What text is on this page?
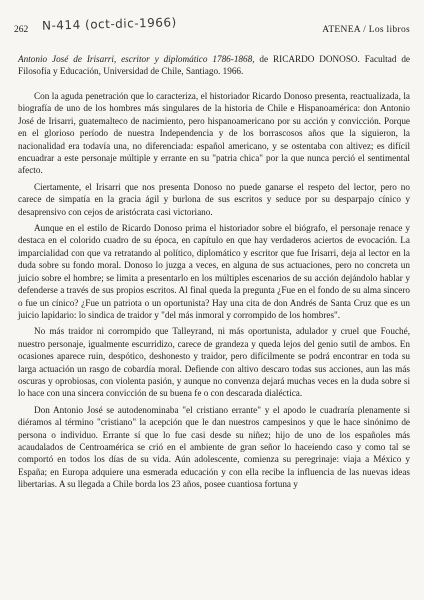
262 N-414 (oct-dic-1966)	ATENEA / Los libros
Antonio José de Irisarri, escritor y diplomático 1786-1868, de RICARDO DONOSO. Facultad de Filosofía y Educación, Universidad de Chile, Santiago. 1966.

Con la aguda penetración que lo caracteriza, el historiador Ricardo Donoso presenta, reactualizada, la biografía de uno de los hombres más singulares de la historia de Chile e Hispanoamérica: don Antonio José de Irisarri, guatemalteco de nacimiento, pero hispanoamericano por su acción y convicción. Porque en el glorioso período de nuestra Independencia y de los borrascosos años que la siguieron, la nacionalidad era todavía una, no diferenciada: español americano, y se ostentaba con altivez; es difícil encuadrar a este personaje múltiple y errante en su "patria chica" por la que nunca perció el sentimental afecto.

Ciertamente, el Irisarri que nos presenta Donoso no puede ganarse el respeto del lector, pero no carece de simpatía en la gracia ágil y burlona de sus escritos y seduce por su desparpajo cínico y desaprensivo con cejos de aristócrata casi victoriano.

Aunque en el estilo de Ricardo Donoso prima el historiador sobre el biógrafo, el personaje renace y destaca en el colorido cuadro de su época, en capítulo en que hay verdaderos aciertos de evocación. La imparcialidad con que va retratando al político, diplomático y escritor que fue Irisarri, deja al lector en la duda sobre su fondo moral. Donoso lo juzga a veces, en alguna de sus actuaciones, pero no concreta un juicio sobre el hombre; se limita a presentarlo en los múltiples escenarios de su acción dejándolo hablar y defenderse a través de sus propios escritos. Al final queda la pregunta ¿Fue en el fondo de su alma sincero o fue un cínico? ¿Fue un patriota o un oportunista? Hay una cita de don Andrés de Santa Cruz que es un juicio lapidario: lo sindica de traidor y "del más inmoral y corrompido de los hombres".

No más traidor ni corrompido que Talleyrand, ni más oportunista, adulador y cruel que Fouché, nuestro personaje, igualmente escurridizo, carece de grandeza y queda lejos del genio sutil de ambos. En ocasiones aparece ruin, despótico, deshonesto y traidor, pero difícilmente se podrá encontrar en toda su larga actuación un rasgo de cobardía moral. Defiende con altivo descaro todas sus acciones, aun las más oscuras y oprobiosas, con violenta pasión, y aunque no convenza dejará muchas veces en la duda sobre si lo hace con una sincera convicción de su buena fe o con descarada dialéctica.

Don Antonio José se autodenominaba "el cristiano errante" y el apodo le cuadraría plenamente si diéramos al término "cristiano" la acepción que le dan nuestros campesinos y que le hace sinónimo de persona o individuo. Errante sí que lo fue casi desde su niñez; hijo de uno de los españoles más acaudalados de Centroamérica se crió en el ambiente de gran señor lo haceiendo caso y como tal se comportó en todos los días de su vida. Aún adolescente, comienza su peregrinaje: viaja a México y España; en Europa adquiere una esmerada educación y con ella recibe la influencia de las nuevas ideas libertarias. A su llegada a Chile borda los 23 años, posee cuantiosa fortuna y
